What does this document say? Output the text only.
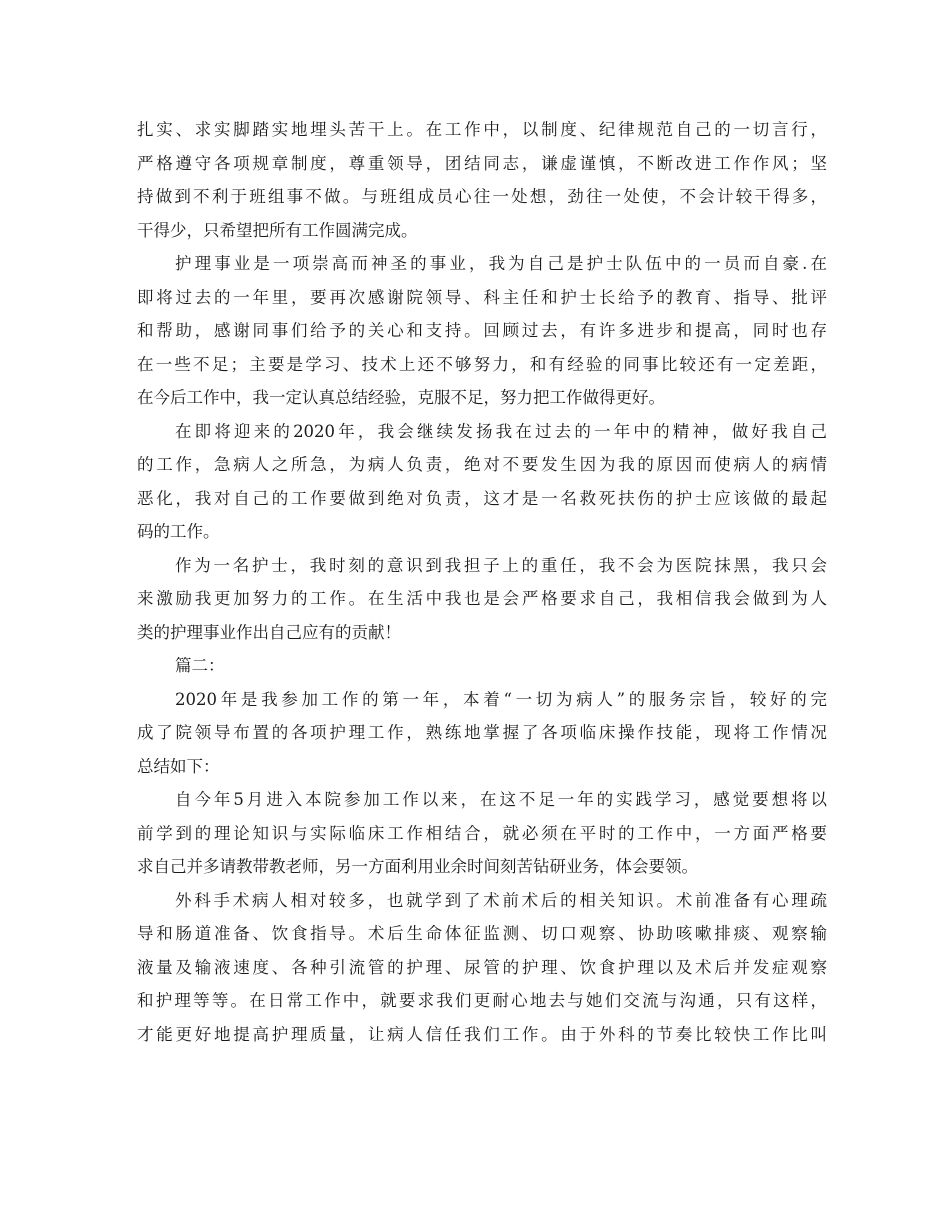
扎实、求实脚踏实地埋头苦干上。在工作中，以制度、纪律规范自己的一切言行，
严格遵守各项规章制度，尊重领导，团结同志，谦虚谨慎，不断改进工作作风；坚
持做到不利于班组事不做。与班组成员心往一处想，劲往一处使，不会计较干得多，
干得少，只希望把所有工作圆满完成。
护理事业是一项崇高而神圣的事业，我为自己是护士队伍中的一员而自豪.在
即将过去的一年里，要再次感谢院领导、科主任和护士长给予的教育、指导、批评
和帮助，感谢同事们给予的关心和支持。回顾过去，有许多进步和提高，同时也存
在一些不足；主要是学习、技术上还不够努力，和有经验的同事比较还有一定差距，
在今后工作中，我一定认真总结经验，克服不足，努力把工作做得更好。
在即将迎来的2020年，我会继续发扬我在过去的一年中的精神，做好我自己
的工作，急病人之所急，为病人负责，绝对不要发生因为我的原因而使病人的病情
恶化，我对自己的工作要做到绝对负责，这才是一名救死扶伤的护士应该做的最起
码的工作。
作为一名护士，我时刻的意识到我担子上的重任，我不会为医院抹黑，我只会
来激励我更加努力的工作。在生活中我也是会严格要求自己，我相信我会做到为人
类的护理事业作出自己应有的贡献！
篇二：
2020年是我参加工作的第一年，本着“一切为病人”的服务宗旨，较好的完
成了院领导布置的各项护理工作，熟练地掌握了各项临床操作技能，现将工作情况
总结如下：
自今年5月进入本院参加工作以来，在这不足一年的实践学习，感觉要想将以
前学到的理论知识与实际临床工作相结合，就必须在平时的工作中，一方面严格要
求自己并多请教带教老师，另一方面利用业余时间刻苦钻研业务，体会要领。
外科手术病人相对较多，也就学到了术前术后的相关知识。术前准备有心理疏
导和肠道准备、饮食指导。术后生命体征监测、切口观察、协助咳嗽排痰、观察输
液量及输液速度、各种引流管的护理、尿管的护理、饮食护理以及术后并发症观察
和护理等等。在日常工作中，就要求我们更耐心地去与她们交流与沟通，只有这样，
才能更好地提高护理质量，让病人信任我们工作。由于外科的节奏比较快工作比叫
